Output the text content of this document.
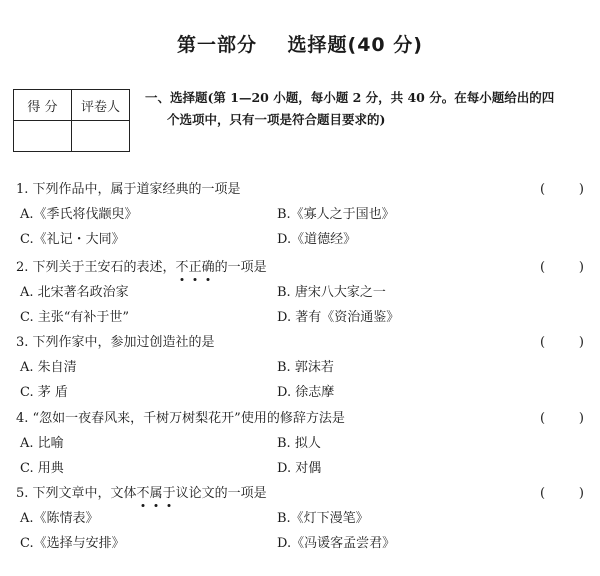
第一部分    选择题(40 分)
得 分	评卷人

一、选择题(第 1—20 小题，每小题 2 分，共 40 分。在每小题给出的四
个选项中，只有一项是符合题目要求的)
1. 下列作品中，属于道家经典的一项是	(	)
A.《季氏将伐颛臾》	B.《寡人之于国也》
C.《礼记・大同》	D.《道德经》
2. 下列关于王安石的表述，不正确的一项是	(	)
A. 北宋著名政治家	B. 唐宋八大家之一
C. 主张“有补于世”	D. 著有《资治通鉴》
3. 下列作家中，参加过创造社的是	(	)
A. 朱自清	B. 郭沫若
C. 茅 盾	D. 徐志摩
4. “忽如一夜春风来，千树万树梨花开”使用的修辞方法是	(	)
A. 比喻	B. 拟人
C. 用典	D. 对偶
5. 下列文章中，文体不属于议论文的一项是	(	)
A.《陈情表》	B.《灯下漫笔》
C.《选择与安排》	D.《冯谖客孟尝君》
